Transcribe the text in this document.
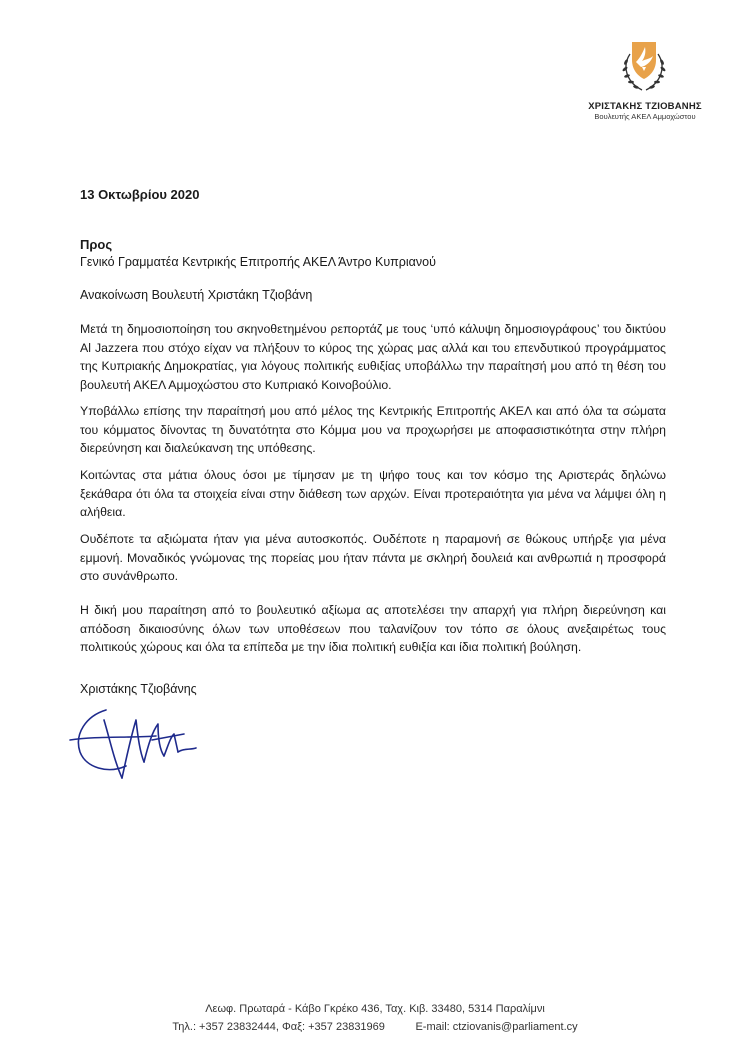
ΧΡΙΣΤΑΚΗΣ ΤΖΙΟΒΑΝΗΣ
Βουλευτής ΑΚΕΛ Αμμοχώστου
13 Οκτωβρίου 2020
Προς
Γενικό Γραμματέα Κεντρικής Επιτροπής ΑΚΕΛ Άντρο Κυπριανού
Ανακοίνωση Βουλευτή Χριστάκη Τζιοβάνη

Μετά τη δημοσιοποίηση του σκηνοθετημένου ρεπορτάζ με τους ‘υπό κάλυψη δημοσιογράφους’ του δικτύου Al Jazzera που στόχο είχαν να πλήξουν το κύρος της χώρας μας αλλά και του επενδυτικού προγράμματος της Κυπριακής Δημοκρατίας, για λόγους πολιτικής ευθιξίας υποβάλλω την παραίτησή μου από τη θέση του βουλευτή ΑΚΕΛ Αμμοχώστου στο Κυπριακό Κοινοβούλιο.

Υποβάλλω επίσης την παραίτησή μου από μέλος της Κεντρικής Επιτροπής ΑΚΕΛ και από όλα τα σώματα του κόμματος δίνοντας τη δυνατότητα στο Κόμμα μου να προχωρήσει με αποφασιστικότητα στην πλήρη διερεύνηση και διαλεύκανση της υπόθεσης.

Κοιτώντας στα μάτια όλους όσοι με τίμησαν με τη ψήφο τους και τον κόσμο της Αριστεράς δηλώνω ξεκάθαρα ότι όλα τα στοιχεία είναι στην διάθεση των αρχών. Είναι προτεραιότητα για μένα να λάμψει όλη η αλήθεια.

Ουδέποτε τα αξιώματα ήταν για μένα αυτοσκοπός. Ουδέποτε η παραμονή σε θώκους υπήρξε για μένα εμμονή. Μοναδικός γνώμονας της πορείας μου ήταν πάντα με σκληρή δουλειά και ανθρωπιά η προσφορά στο συνάνθρωπο.

Η δική μου παραίτηση από το βουλευτικό αξίωμα ας αποτελέσει την απαρχή για πλήρη διερεύνηση και απόδοση δικαιοσύνης όλων των υποθέσεων που ταλανίζουν τον τόπο σε όλους ανεξαιρέτως τους πολιτικούς χώρους και όλα τα επίπεδα με την ίδια πολιτική ευθιξία και ίδια πολιτική βούληση.

Χριστάκης Τζιοβάνης
Λεωφ. Πρωταρά - Κάβο Γκρέκο 436, Ταχ. Κιβ. 33480, 5314 Παραλίμνι
Τηλ.: +357 23832444, Φαξ: +357 23831969	E-mail: ctziovanis@parliament.cy
